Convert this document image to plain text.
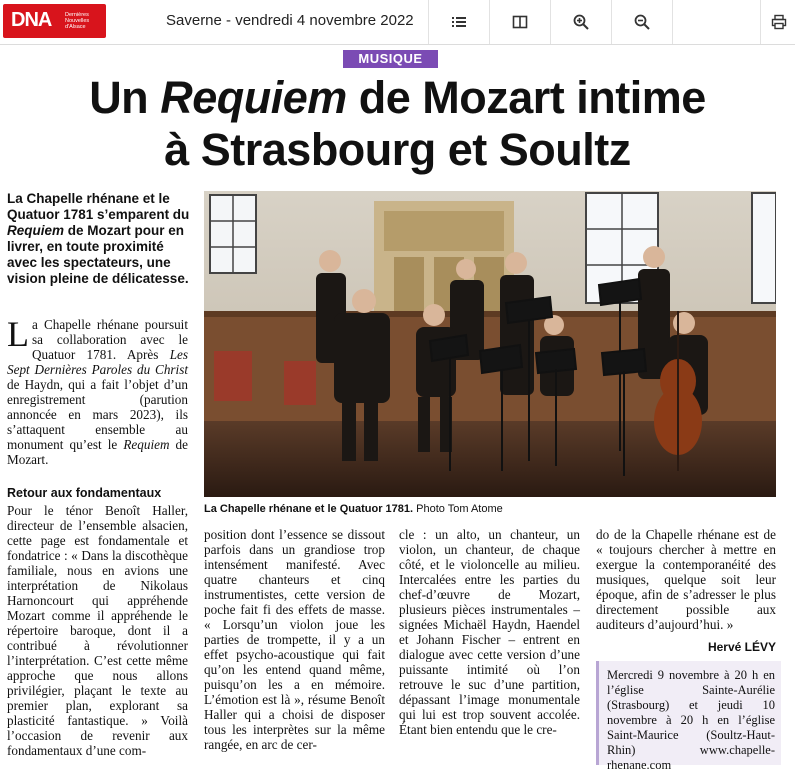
DNA Dernières Nouvelles d'Alsace	Saverne - vendredi 4 novembre 2022
MUSIQUE
Un Requiem de Mozart intime
à Strasbourg et Soultz

La Chapelle rhénane et le Quatuor 1781 s’emparent du Requiem de Mozart pour en livrer, en toute proximité avec les spectateurs, une vision pleine de délicatesse.

La Chapelle rhénane poursuit sa collaboration avec le Quatuor 1781. Après Les Sept Dernières Paroles du Christ de Haydn, qui a fait l’objet d’un enregistrement (parution annoncée en mars 2023), ils s’attaquent ensemble au monument qu’est le Requiem de Mozart.

Retour aux fondamentaux

Pour le ténor Benoît Haller, directeur de l’ensemble alsacien, cette page est fondamentale et fondatrice : « Dans la discothèque familiale, nous en avions une interprétation de Nikolaus Harnoncourt qui appréhende Mozart comme il appréhende le répertoire baroque, dont il a contribué à révolutionner l’interprétation. C’est cette même approche que nous allons privilégier, plaçant le texte au premier plan, explorant sa plasticité fantastique. » Voilà l’occasion de revenir aux fondamentaux d’une com-

La Chapelle rhénane et le Quatuor 1781. Photo Tom Atome

position dont l’essence se dissout parfois dans un grandiose trop intensément manifesté. Avec quatre chanteurs et cinq instrumentistes, cette version de poche fait fi des effets de masse. « Lorsqu’un violon joue les parties de trompette, il y a un effet psycho-acoustique qui fait qu’on les entend quand même, puisqu’on les a en mémoire. L’émotion est là », résume Benoît Haller qui a choisi de disposer tous les interprètes sur la même rangée, en arc de cer-

cle : un alto, un chanteur, un violon, un chanteur, de chaque côté, et le violoncelle au milieu. Intercalées entre les parties du chef-d’œuvre de Mozart, plusieurs pièces instrumentales – signées Michaël Haydn, Haendel et Johann Fischer – entrent en dialogue avec cette version d’une puissante intimité où l’on retrouve le suc d’une partition, dépassant l’image monumentale qui lui est trop souvent accolée. Étant bien entendu que le cre-

do de la Chapelle rhénane est de « toujours chercher à mettre en exergue la contemporanéité des musiques, quelque soit leur époque, afin de s’adresser le plus directement possible aux auditeurs d’aujourd’hui. »

Hervé LÉVY

Mercredi 9 novembre à 20 h en l’église Sainte-Aurélie (Strasbourg) et jeudi 10 novembre à 20 h en l’église Saint-Maurice (Soultz-Haut-Rhin) www.chapelle-rhenane.com
